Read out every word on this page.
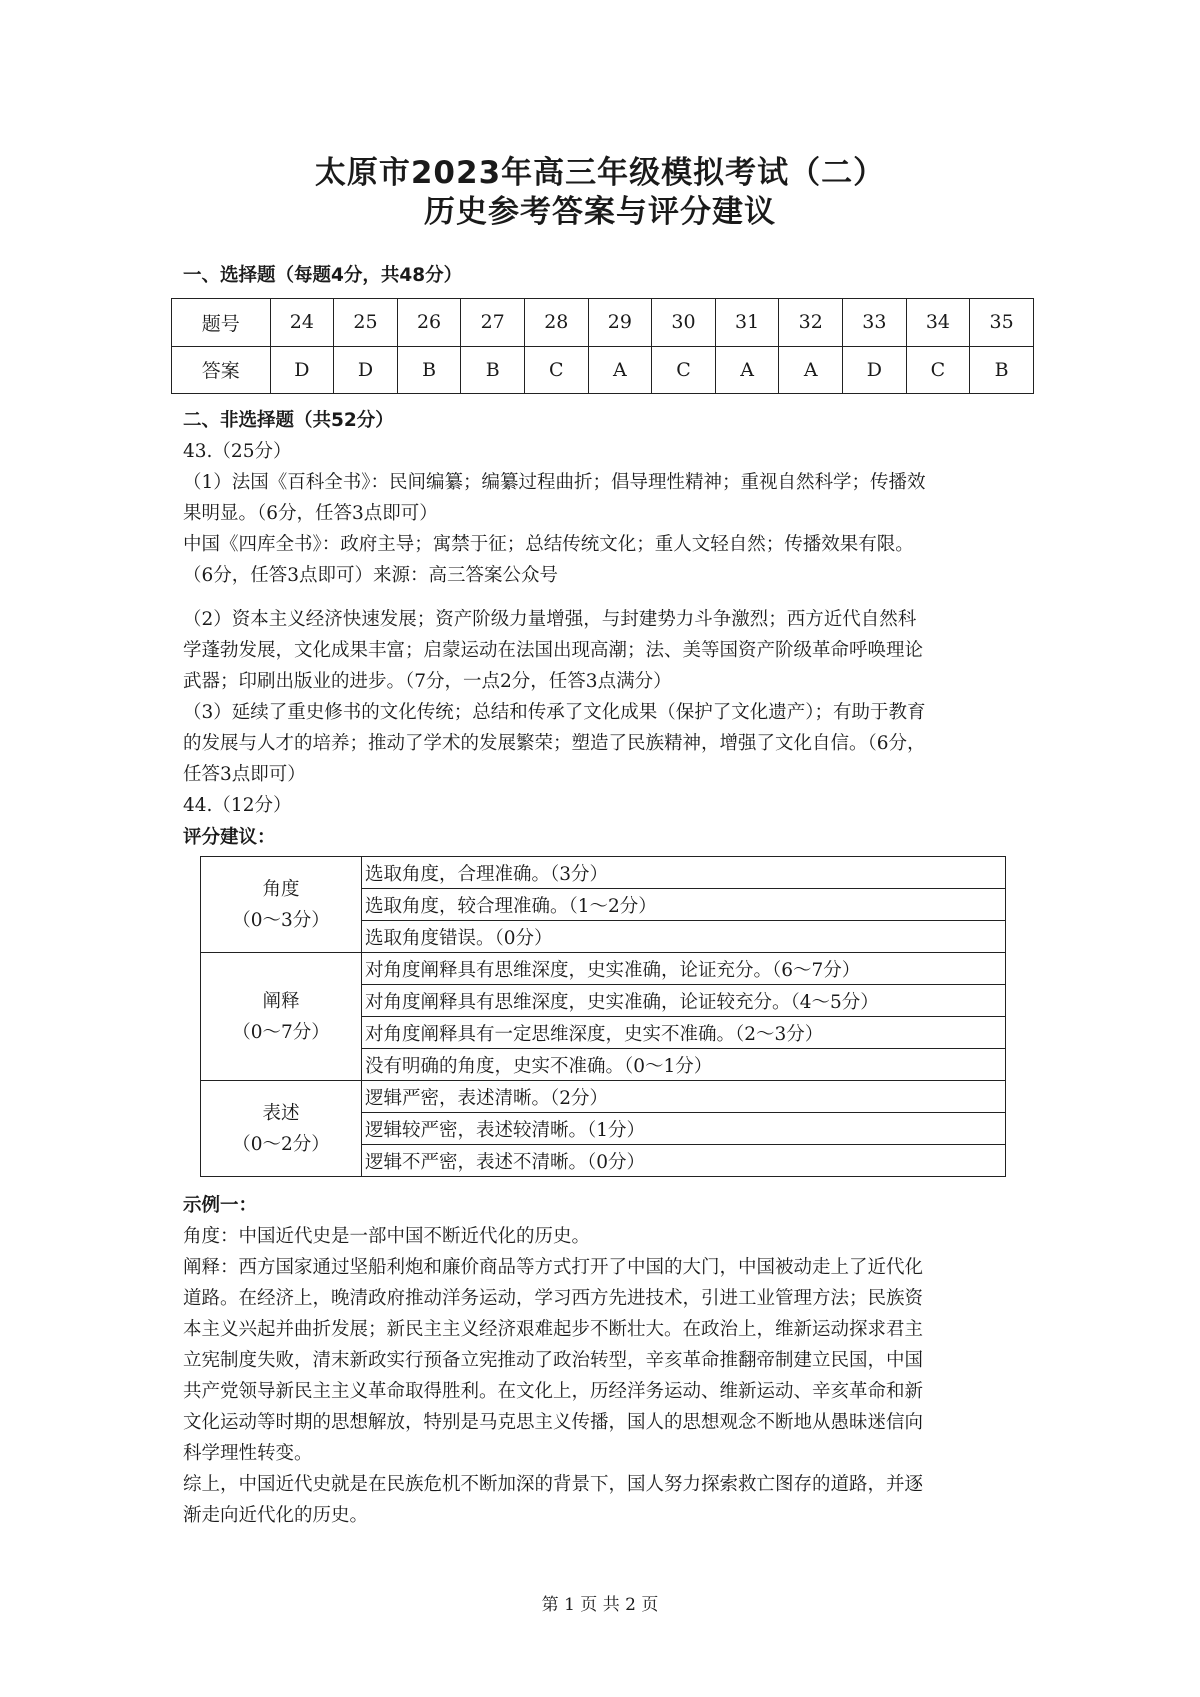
太原市2023年高三年级模拟考试（二）
历史参考答案与评分建议
一、选择题（每题4分，共48分）
题号	24	25	26	27	28	29	30	31	32	33	34	35
答案	D	D	B	B	C	A	C	A	A	D	C	B
二、非选择题（共52分）
43.（25分）
（1）法国《百科全书》：民间编纂；编纂过程曲折；倡导理性精神；重视自然科学；传播效
果明显。（6分，任答3点即可）
中国《四库全书》：政府主导；寓禁于征；总结传统文化；重人文轻自然；传播效果有限。
（6分，任答3点即可）来源：高三答案公众号
（2）资本主义经济快速发展；资产阶级力量增强，与封建势力斗争激烈；西方近代自然科
学蓬勃发展，文化成果丰富；启蒙运动在法国出现高潮；法、美等国资产阶级革命呼唤理论
武器；印刷出版业的进步。（7分，一点2分，任答3点满分）
（3）延续了重史修书的文化传统；总结和传承了文化成果（保护了文化遗产）；有助于教育
的发展与人才的培养；推动了学术的发展繁荣；塑造了民族精神，增强了文化自信。（6分，
任答3点即可）
44.（12分）
评分建议：
角度
（0～3分）	选取角度，合理准确。（3分）
	选取角度，较合理准确。（1～2分）
	选取角度错误。（0分）

阐释
（0～7分）	对角度阐释具有思维深度，史实准确，论证充分。（6～7分）
	对角度阐释具有思维深度，史实准确，论证较充分。（4～5分）
	对角度阐释具有一定思维深度，史实不准确。（2～3分）
	没有明确的角度，史实不准确。（0～1分）

表述
（0～2分）	逻辑严密，表述清晰。（2分）
	逻辑较严密，表述较清晰。（1分）
	逻辑不严密，表述不清晰。（0分）
示例一：
角度：中国近代史是一部中国不断近代化的历史。
阐释：西方国家通过坚船利炮和廉价商品等方式打开了中国的大门，中国被动走上了近代化
道路。在经济上，晚清政府推动洋务运动，学习西方先进技术，引进工业管理方法；民族资
本主义兴起并曲折发展；新民主主义经济艰难起步不断壮大。在政治上，维新运动探求君主
立宪制度失败，清末新政实行预备立宪推动了政治转型，辛亥革命推翻帝制建立民国，中国
共产党领导新民主主义革命取得胜利。在文化上，历经洋务运动、维新运动、辛亥革命和新
文化运动等时期的思想解放，特别是马克思主义传播，国人的思想观念不断地从愚昧迷信向
科学理性转变。
综上，中国近代史就是在民族危机不断加深的背景下，国人努力探索救亡图存的道路，并逐
渐走向近代化的历史。
第 1 页 共 2 页
